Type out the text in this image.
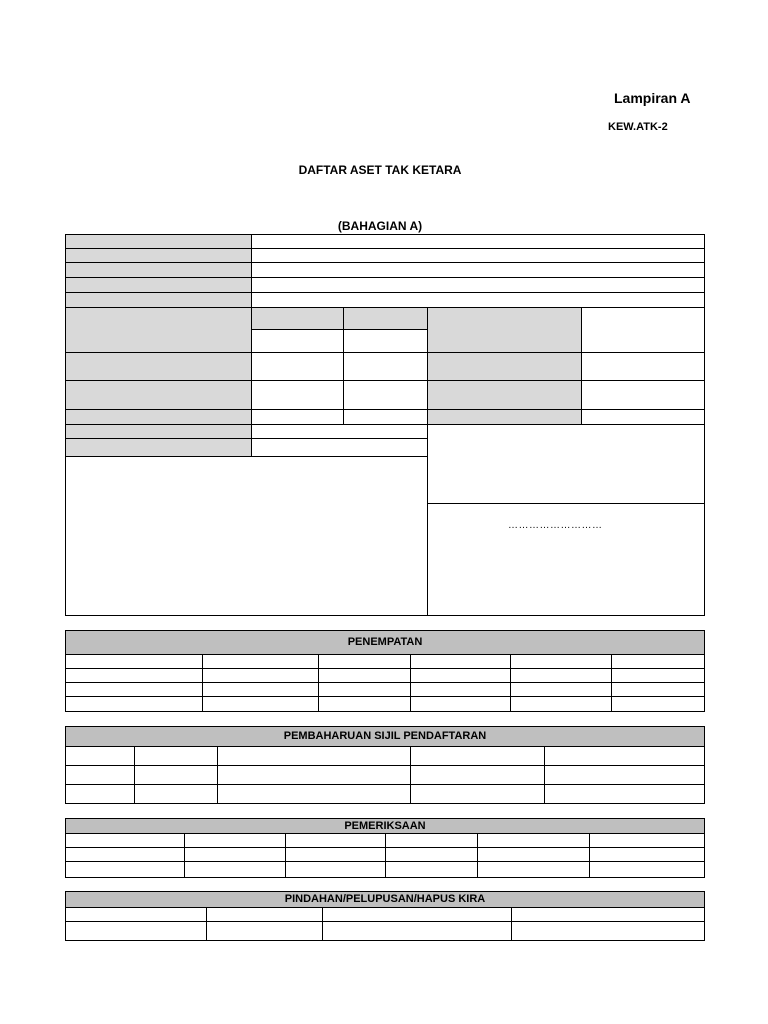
Lampiran A
KEW.ATK-2
DAFTAR ASET TAK KETARA
(BAHAGIAN A)
………………………
PENEMPATAN
PEMBAHARUAN SIJIL PENDAFTARAN
PEMERIKSAAN
PINDAHAN/PELUPUSAN/HAPUS KIRA
